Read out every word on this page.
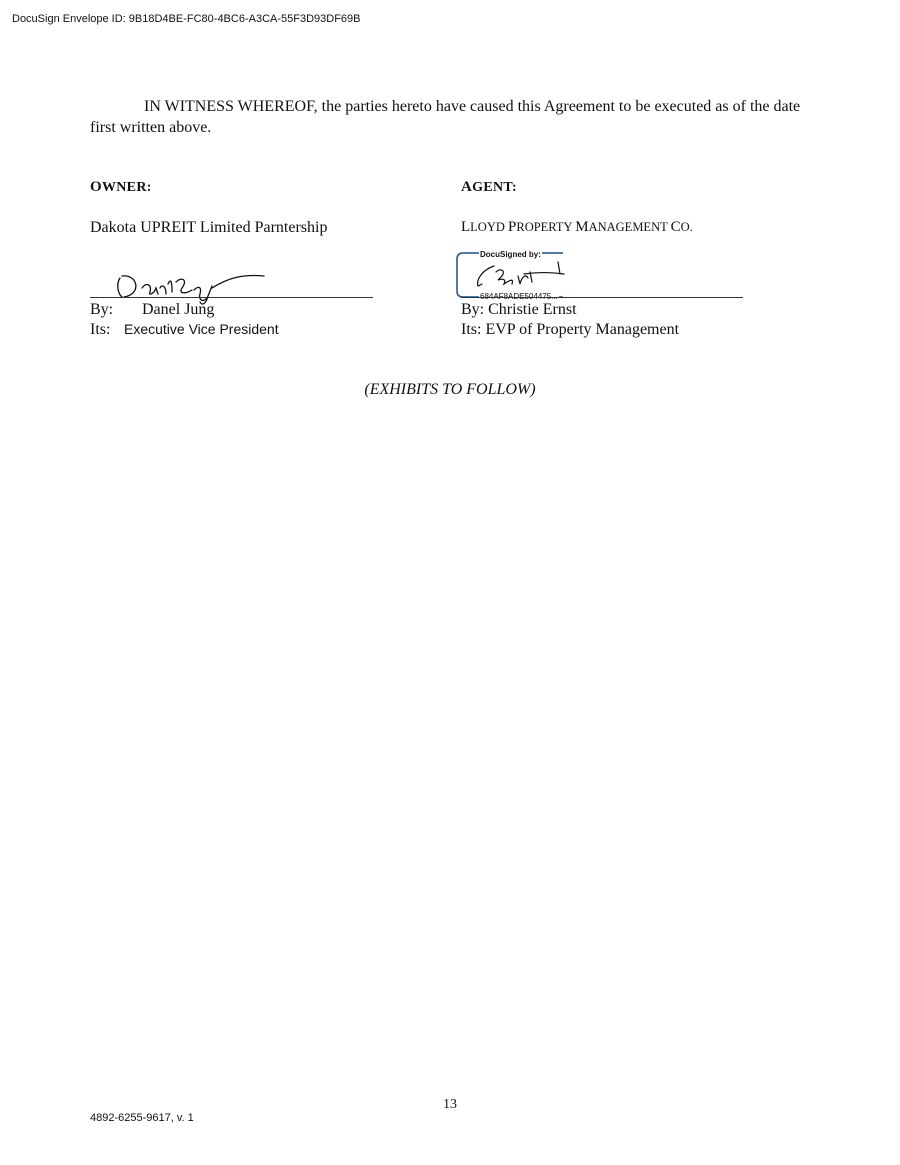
DocuSign Envelope ID: 9B18D4BE-FC80-4BC6-A3CA-55F3D93DF69B
IN WITNESS WHEREOF, the parties hereto have caused this Agreement to be executed as of the date first written above.
OWNER:	AGENT:
Dakota UPREIT Limited Parntership	LLOYD PROPERTY MANAGEMENT CO.
DocuSigned by:
684AF8ADE504475...
By: Danel Jung
Its: Executive Vice President
By: Christie Ernst
Its: EVP of Property Management
(EXHIBITS TO FOLLOW)
13
4892-6255-9617, v. 1
